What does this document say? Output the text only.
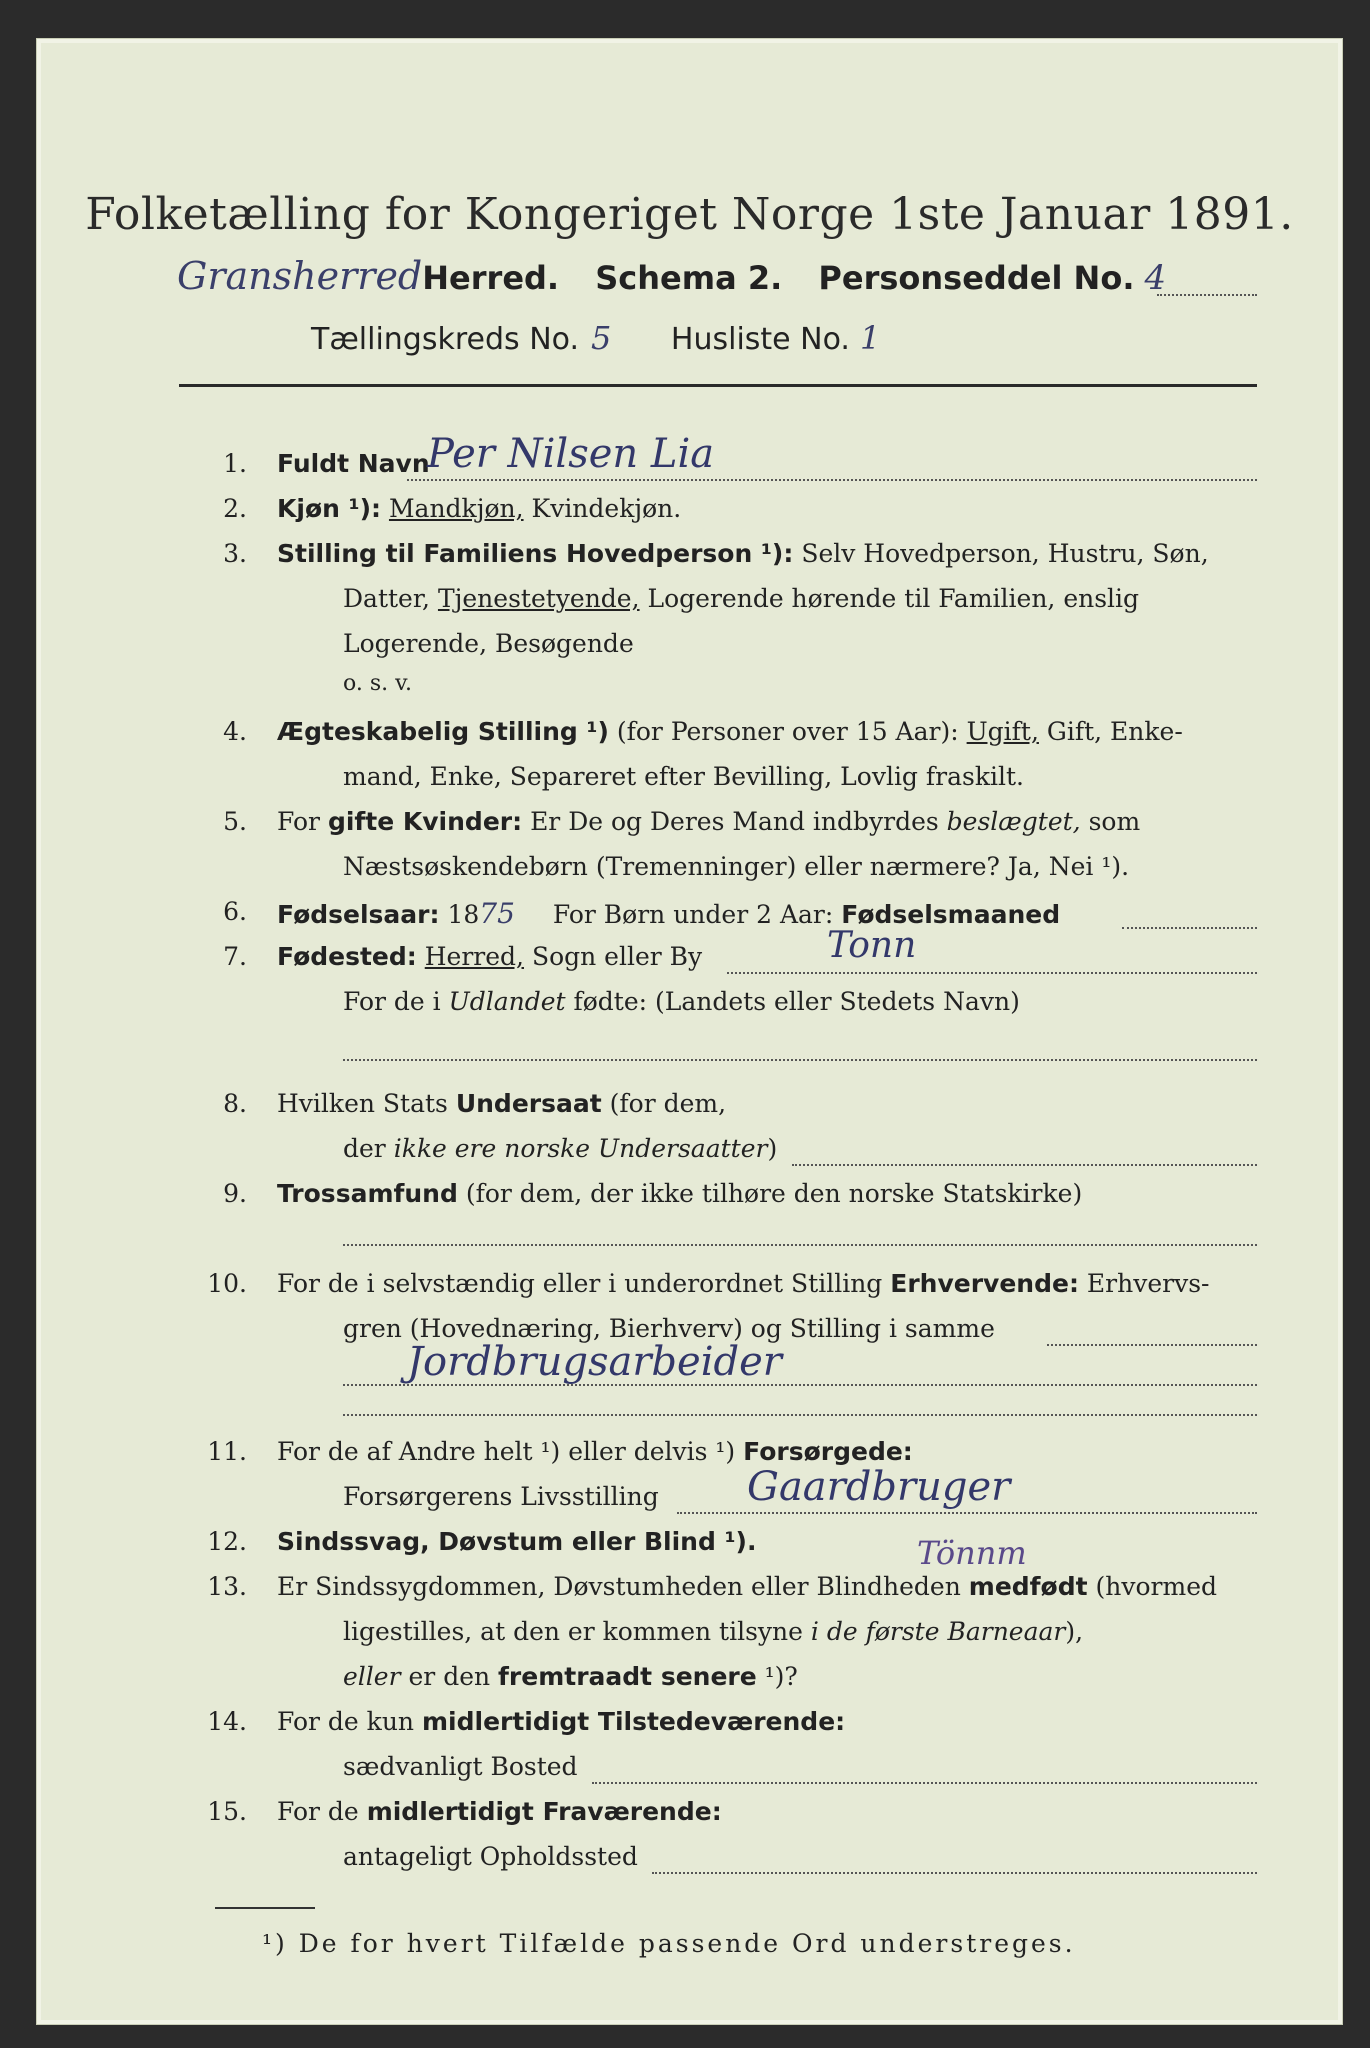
Folketælling for Kongeriget Norge 1ste Januar 1891.
GransherredHerred. Schema 2. Personseddel No. 4
Tællingskreds No. 5 Husliste No. 1
1. Fuldt Navn
Per Nilsen Lia
2. Kjøn ¹): Mandkjøn, Kvindekjøn.
3. Stilling til Familiens Hovedperson ¹): Selv Hovedperson, Hustru, Søn,
Datter, Tjenestetyende, Logerende hørende til Familien, enslig
Logerende, Besøgende
o. s. v.
4. Ægteskabelig Stilling ¹) (for Personer over 15 Aar): Ugift, Gift, Enke-
mand, Enke, Separeret efter Bevilling, Lovlig fraskilt.
5. For gifte Kvinder: Er De og Deres Mand indbyrdes beslægtet, som
Næstsøskendebørn (Tremenninger) eller nærmere? Ja, Nei ¹).
6. Fødselsaar: 1875 For Børn under 2 Aar: Fødselsmaaned
7. Fødested: Herred, Sogn eller By	Tonn
For de i Udlandet fødte: (Landets eller Stedets Navn)
8. Hvilken Stats Undersaat (for dem,
der ikke ere norske Undersaatter)
9. Trossamfund (for dem, der ikke tilhøre den norske Statskirke)
10. For de i selvstændig eller i underordnet Stilling Erhvervende: Erhvervs-
gren (Hovednæring, Bierhverv) og Stilling i samme
Jordbrugsarbeider
11. For de af Andre helt ¹) eller delvis ¹) Forsørgede:
Forsørgerens Livsstilling Gaardbruger
12. Sindssvag, Døvstum eller Blind ¹).	Tönnm
13. Er Sindssygdommen, Døvstumheden eller Blindheden medfødt (hvormed
ligestilles, at den er kommen tilsyne i de første Barneaar),
eller er den fremtraadt senere ¹)?
14. For de kun midlertidigt Tilstedeværende:
sædvanligt Bosted
15. For de midlertidigt Fraværende:
antageligt Opholdssted
¹) De for hvert Tilfælde passende Ord understreges.
